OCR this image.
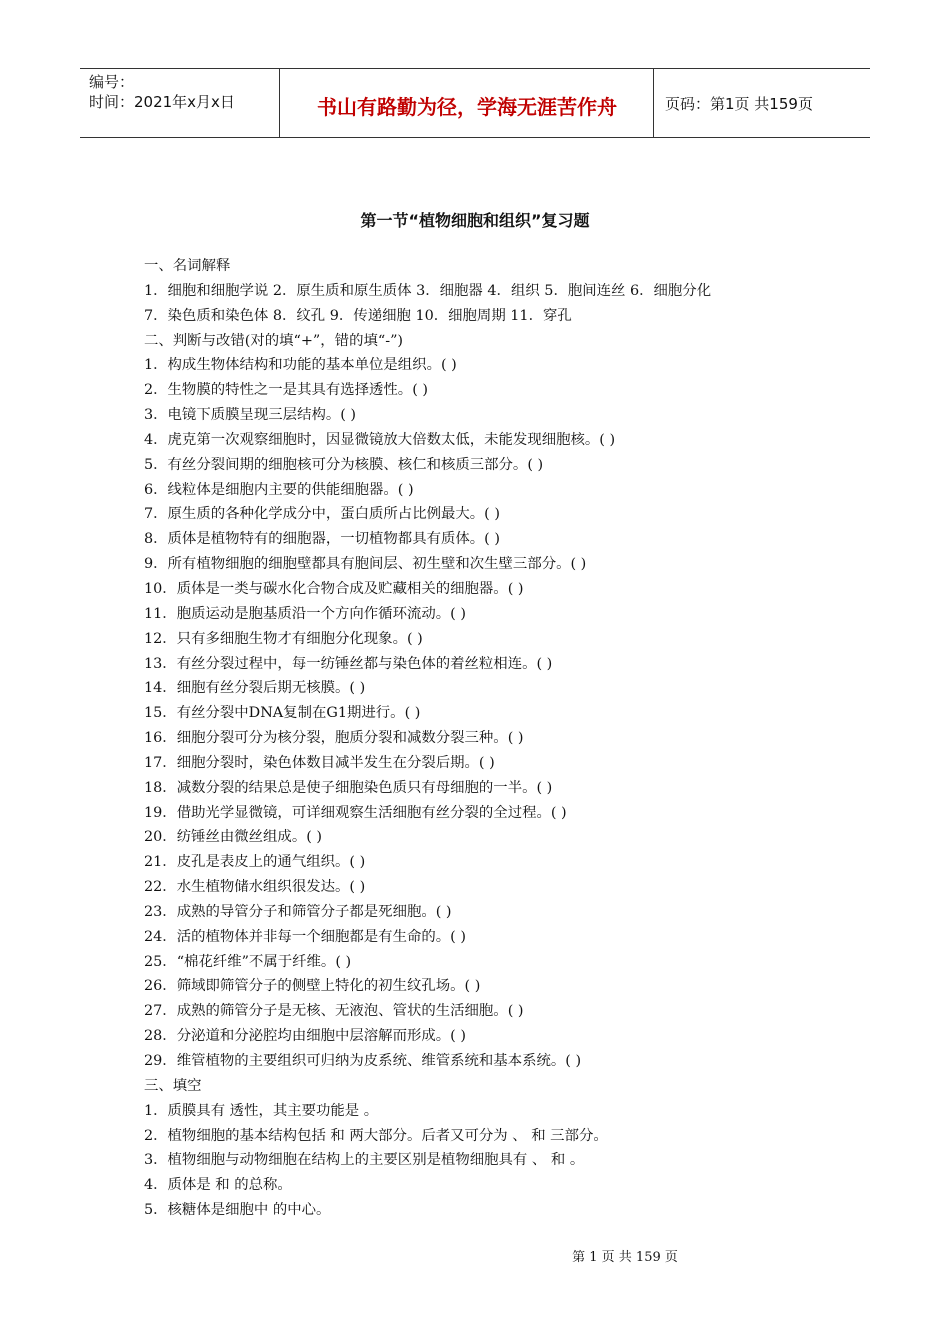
编号：
时间：2021年x月x日	书山有路勤为径，学海无涯苦作舟	页码：第1页 共159页
第一节“植物细胞和组织”复习题
一、名词解释
1．细胞和细胞学说 2．原生质和原生质体 3．细胞器 4．组织 5．胞间连丝 6．细胞分化
7．染色质和染色体 8．纹孔 9．传递细胞 10．细胞周期 11．穿孔
二、判断与改错(对的填“+”，错的填“-”)
1．构成生物体结构和功能的基本单位是组织。( )
2．生物膜的特性之一是其具有选择透性。( )
3．电镜下质膜呈现三层结构。( )
4．虎克第一次观察细胞时，因显微镜放大倍数太低，未能发现细胞核。( )
5．有丝分裂间期的细胞核可分为核膜、核仁和核质三部分。( )
6．线粒体是细胞内主要的供能细胞器。( )
7．原生质的各种化学成分中，蛋白质所占比例最大。( )
8．质体是植物特有的细胞器，一切植物都具有质体。( )
9．所有植物细胞的细胞壁都具有胞间层、初生壁和次生壁三部分。( )
10．质体是一类与碳水化合物合成及贮藏相关的细胞器。( )
11．胞质运动是胞基质沿一个方向作循环流动。( )
12．只有多细胞生物才有细胞分化现象。( )
13．有丝分裂过程中，每一纺锤丝都与染色体的着丝粒相连。( )
14．细胞有丝分裂后期无核膜。( )
15．有丝分裂中DNA复制在G1期进行。( )
16．细胞分裂可分为核分裂，胞质分裂和减数分裂三种。( )
17．细胞分裂时，染色体数目减半发生在分裂后期。( )
18．减数分裂的结果总是使子细胞染色质只有母细胞的一半。( )
19．借助光学显微镜，可详细观察生活细胞有丝分裂的全过程。( )
20．纺锤丝由微丝组成。( )
21．皮孔是表皮上的通气组织。( )
22．水生植物储水组织很发达。( )
23．成熟的导管分子和筛管分子都是死细胞。( )
24．活的植物体并非每一个细胞都是有生命的。( )
25．“棉花纤维”不属于纤维。( )
26．筛域即筛管分子的侧壁上特化的初生纹孔场。( )
27．成熟的筛管分子是无核、无液泡、管状的生活细胞。( )
28．分泌道和分泌腔均由细胞中层溶解而形成。( )
29．维管植物的主要组织可归纳为皮系统、维管系统和基本系统。( )
三、填空
1．质膜具有 透性，其主要功能是 。
2．植物细胞的基本结构包括 和 两大部分。后者又可分为 、 和 三部分。
3．植物细胞与动物细胞在结构上的主要区别是植物细胞具有 、 和 。
4．质体是 和 的总称。
5．核糖体是细胞中 的中心。
第 1 页 共 159 页
